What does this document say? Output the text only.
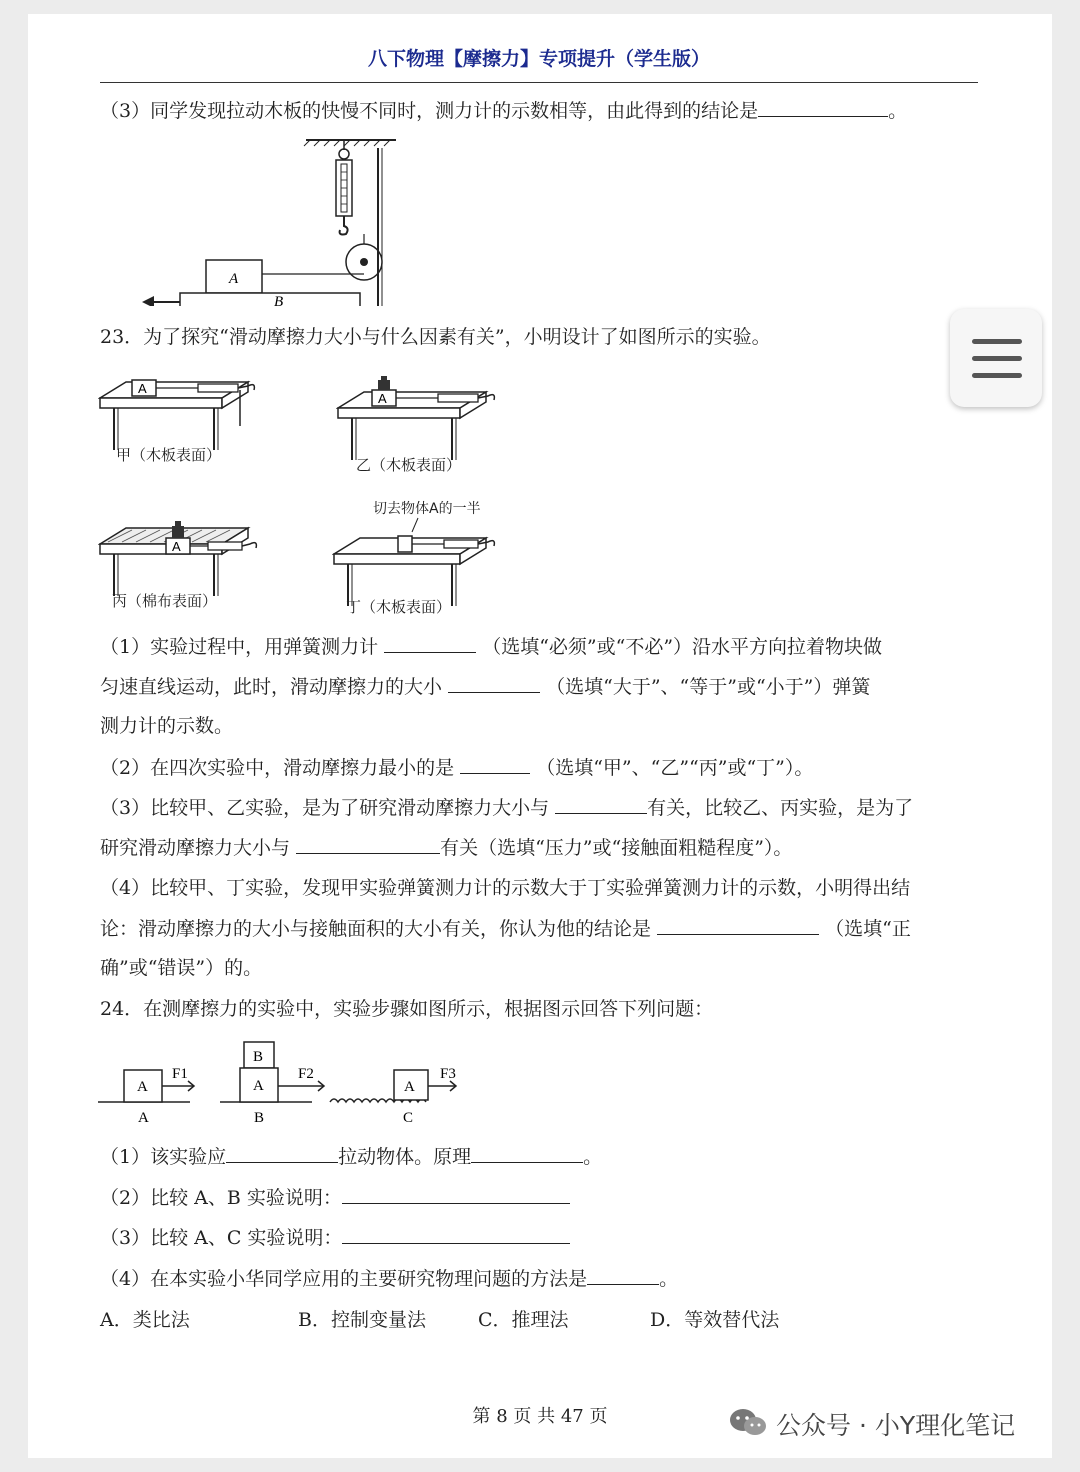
八下物理【摩擦力】专项提升（学生版）
（3）同学发现拉动木板的快慢不同时，测力计的示数相等，由此得到的结论是	。
A
B
23．为了探究“滑动摩擦力大小与什么因素有关”，小明设计了如图所示的实验。
A
甲（木板表面）
A
乙（木板表面）
A
丙（棉布表面）
切去物体A的一半
丁（木板表面）
（1）实验过程中，用弹簧测力计	（选填“必须”或“不必”）沿水平方向拉着物块做
匀速直线运动，此时，滑动摩擦力的大小	（选填“大于”、“等于”或“小于”）弹簧
测力计的示数。
（2）在四次实验中，滑动摩擦力最小的是	（选填“甲”、“乙”“丙”或“丁”）。
（3）比较甲、乙实验，是为了研究滑动摩擦力大小与	有关，比较乙、丙实验，是为了
研究滑动摩擦力大小与	有关（选填“压力”或“接触面粗糙程度”）。
（4）比较甲、丁实验，发现甲实验弹簧测力计的示数大于丁实验弹簧测力计的示数，小明得出结
论：滑动摩擦力的大小与接触面积的大小有关，你认为他的结论是	（选填“正
确”或“错误”）的。
24．在测摩擦力的实验中，实验步骤如图所示，根据图示回答下列问题：
A
F1
A
B
A
F2
B
A
F3
C
（1）该实验应	拉动物体。原理	。
（2）比较 A、B 实验说明：
（3）比较 A、C 实验说明：
（4）在本实验小华同学应用的主要研究物理问题的方法是	。
A．类比法	B．控制变量法	C．推理法	D．等效替代法
第 8 页 共 47 页	公众号 · 小Y理化笔记
